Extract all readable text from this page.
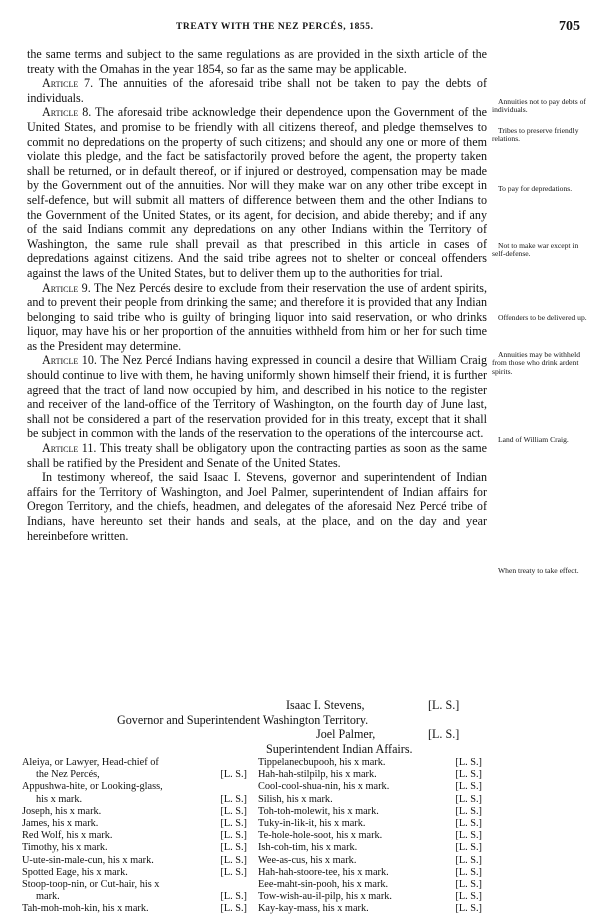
TREATY WITH THE NEZ PERCÉS, 1855.	705

the same terms and subject to the same regulations as are provided in the sixth article of the treaty with the Omahas in the year 1854, so far as the same may be applicable.

Article 7. The annuities of the aforesaid tribe shall not be taken to pay the debts of individuals.

Article 8. The aforesaid tribe acknowledge their dependence upon the Government of the United States, and promise to be friendly with all citizens thereof, and pledge themselves to commit no depredations on the property of such citizens; and should any one or more of them violate this pledge, and the fact be satisfactorily proved before the agent, the property taken shall be returned, or in default thereof, or if injured or destroyed, compensation may be made by the Government out of the annuities. Nor will they make war on any other tribe except in self-defence, but will submit all matters of difference between them and the other Indians to the Government of the United States, or its agent, for decision, and abide thereby; and if any of the said Indians commit any depredations on any other Indians within the Territory of Washington, the same rule shall prevail as that prescribed in this article in cases of depredations against citizens. And the said tribe agrees not to shelter or conceal offenders against the laws of the United States, but to deliver them up to the authorities for trial.

Article 9. The Nez Percés desire to exclude from their reservation the use of ardent spirits, and to prevent their people from drinking the same; and therefore it is provided that any Indian belonging to said tribe who is guilty of bringing liquor into said reservation, or who drinks liquor, may have his or her proportion of the annuities withheld from him or her for such time as the President may determine.

Article 10. The Nez Percé Indians having expressed in council a desire that William Craig should continue to live with them, he having uniformly shown himself their friend, it is further agreed that the tract of land now occupied by him, and described in his notice to the register and receiver of the land-office of the Territory of Washington, on the fourth day of June last, shall not be considered a part of the reservation provided for in this treaty, except that it shall be subject in common with the lands of the reservation to the operations of the intercourse act.

Article 11. This treaty shall be obligatory upon the contracting parties as soon as the same shall be ratified by the President and Senate of the United States.

In testimony whereof, the said Isaac I. Stevens, governor and superintendent of Indian affairs for the Territory of Washington, and Joel Palmer, superintendent of Indian affairs for Oregon Territory, and the chiefs, headmen, and delegates of the aforesaid Nez Percé tribe of Indians, have hereunto set their hands and seals, at the place, and on the day and year hereinbefore written.

Annuities not to pay debts of individuals.
Tribes to preserve friendly relations.
To pay for depredations.
Not to make war except in self-defense.
Offenders to be delivered up.
Annuities may be withheld from those who drink ardent spirits.
Land of William Craig.
When treaty to take effect.
Isaac I. Stevens,	[L. S.]
Governor and Superintendent Washington Territory.
Joel Palmer,	[L. S.]
Superintendent Indian Affairs.
Aleiya, or Lawyer, Head-chief of
the Nez Percés,	[L. S.]
Appushwa-hite, or Looking-glass,
his x mark.	[L. S.]
Joseph, his x mark.	[L. S.]
James, his x mark.	[L. S.]
Red Wolf, his x mark.	[L. S.]
Timothy, his x mark.	[L. S.]
U-ute-sin-male-cun, his x mark.	[L. S.]
Spotted Eage, his x mark.	[L. S.]
Stoop-toop-nin, or Cut-hair, his x
mark.	[L. S.]
Tah-moh-moh-kin, his x mark.	[L. S.]
Tippelanecbupooh, his x mark.	[L. S.]
Hah-hah-stilpilp, his x mark.	[L. S.]
Cool-cool-shua-nin, his x mark.	[L. S.]
Silish, his x mark.	[L. S.]
Toh-toh-molewit, his x mark.	[L. S.]
Tuky-in-lik-it, his x mark.	[L. S.]
Te-hole-hole-soot, his x mark.	[L. S.]
Ish-coh-tim, his x mark.	[L. S.]
Wee-as-cus, his x mark.	[L. S.]
Hah-hah-stoore-tee, his x mark.	[L. S.]
Eee-maht-sin-pooh, his x mark.	[L. S.]
Tow-wish-au-il-pilp, his x mark.	[L. S.]
Kay-kay-mass, his x mark.	[L. S.]
